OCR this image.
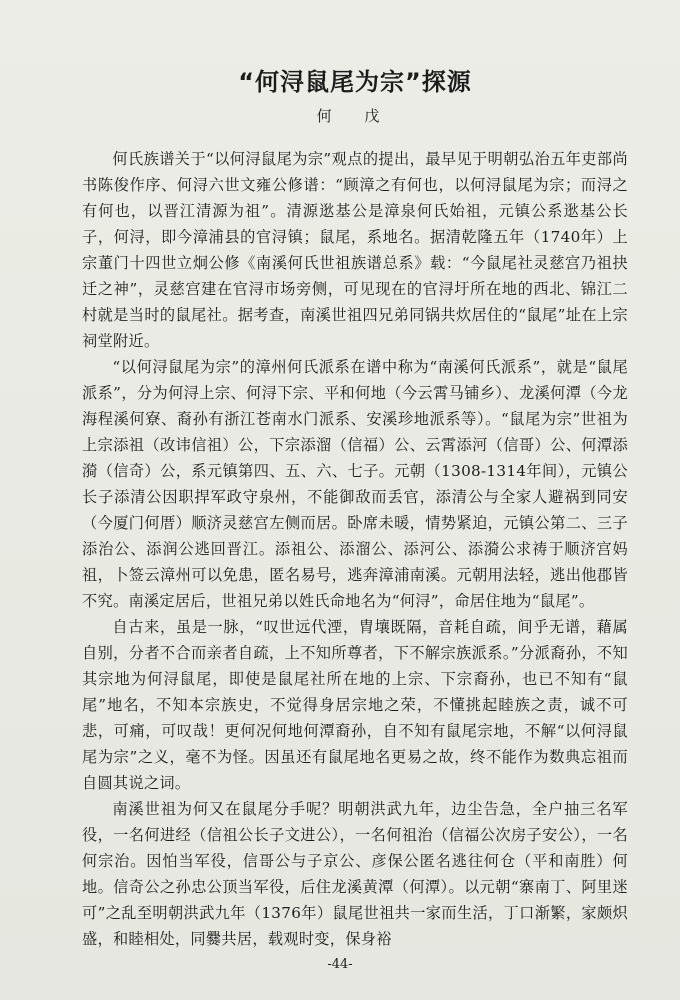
“何浔鼠尾为宗”探源
何 戊

何氏族谱关于“以何浔鼠尾为宗”观点的提出，最早见于明朝弘治五年吏部尚书陈俊作序、何浔六世文雍公修谱：“顾漳之有何也，以何浔鼠尾为宗；而浔之有何也，以晋江清源为祖”。清源逖基公是漳泉何氏始祖，元镇公系逖基公长子，何浔，即今漳浦县的官浔镇；鼠尾，系地名。据清乾隆五年（1740年）上宗董门十四世立炯公修《南溪何氏世祖族谱总系》载：“今鼠尾社灵慈宫乃祖抉迁之神”，灵慈宫建在官浔市场旁侧，可见现在的官浔圩所在地的西北、锦江二村就是当时的鼠尾社。据考查，南溪世祖四兄弟同锅共炊居住的“鼠尾”址在上宗祠堂附近。

“以何浔鼠尾为宗”的漳州何氏派系在谱中称为“南溪何氏派系”，就是“鼠尾派系”，分为何浔上宗、何浔下宗、平和何地（今云霄马铺乡）、龙溪何潭（今龙海程溪何寮、裔孙有浙江苍南水门派系、安溪珍地派系等）。“鼠尾为宗”世祖为上宗添祖（改讳信祖）公，下宗添溜（信福）公、云霄添河（信哥）公、何潭添漪（信奇）公，系元镇第四、五、六、七子。元朝（1308-1314年间），元镇公长子添清公因职捍军政守泉州，不能御敌而丢官，添清公与全家人避祸到同安（今厦门何厝）顺济灵慈宫左侧而居。卧席未暖，情势紧迫，元镇公第二、三子添治公、添润公逃回晋江。添祖公、添溜公、添河公、添漪公求祷于顺济宫妈祖，卜签云漳州可以免患，匿名易号，逃奔漳浦南溪。元朝用法轻，逃出他郡皆不究。南溪定居后，世祖兄弟以姓氏命地名为“何浔”，命居住地为“鼠尾”。

自古来，虽是一脉，“叹世远代湮，胄壤既隔，音耗自疏，间乎无谱，藉属自别，分者不合而亲者自疏，上不知所尊者，下不解宗族派系。”分派裔孙，不知其宗地为何浔鼠尾，即使是鼠尾社所在地的上宗、下宗裔孙，也已不知有“鼠尾”地名，不知本宗族史，不觉得身居宗地之荣，不懂挑起睦族之责，诚不可悲，可痛，可叹哉！更何况何地何潭裔孙，自不知有鼠尾宗地，不解“以何浔鼠尾为宗”之义，毫不为怪。因虽还有鼠尾地名更易之故，终不能作为数典忘祖而自圆其说之词。

南溪世祖为何又在鼠尾分手呢？明朝洪武九年，边尘告急，全户抽三名军役，一名何进经（信祖公长子文进公），一名何祖治（信福公次房子安公），一名何宗治。因怕当军役，信哥公与子京公、彦保公匿名逃往何仓（平和南胜）何地。信奇公之孙忠公顶当军役，后住龙溪黄潭（何潭）。以元朝“寨南丁、阿里迷可”之乱至明朝洪武九年（1376年）鼠尾世祖共一家而生活，丁口渐繁，家颇炽盛，和睦相处，同爨共居，载观时变，保身裕

-44-
